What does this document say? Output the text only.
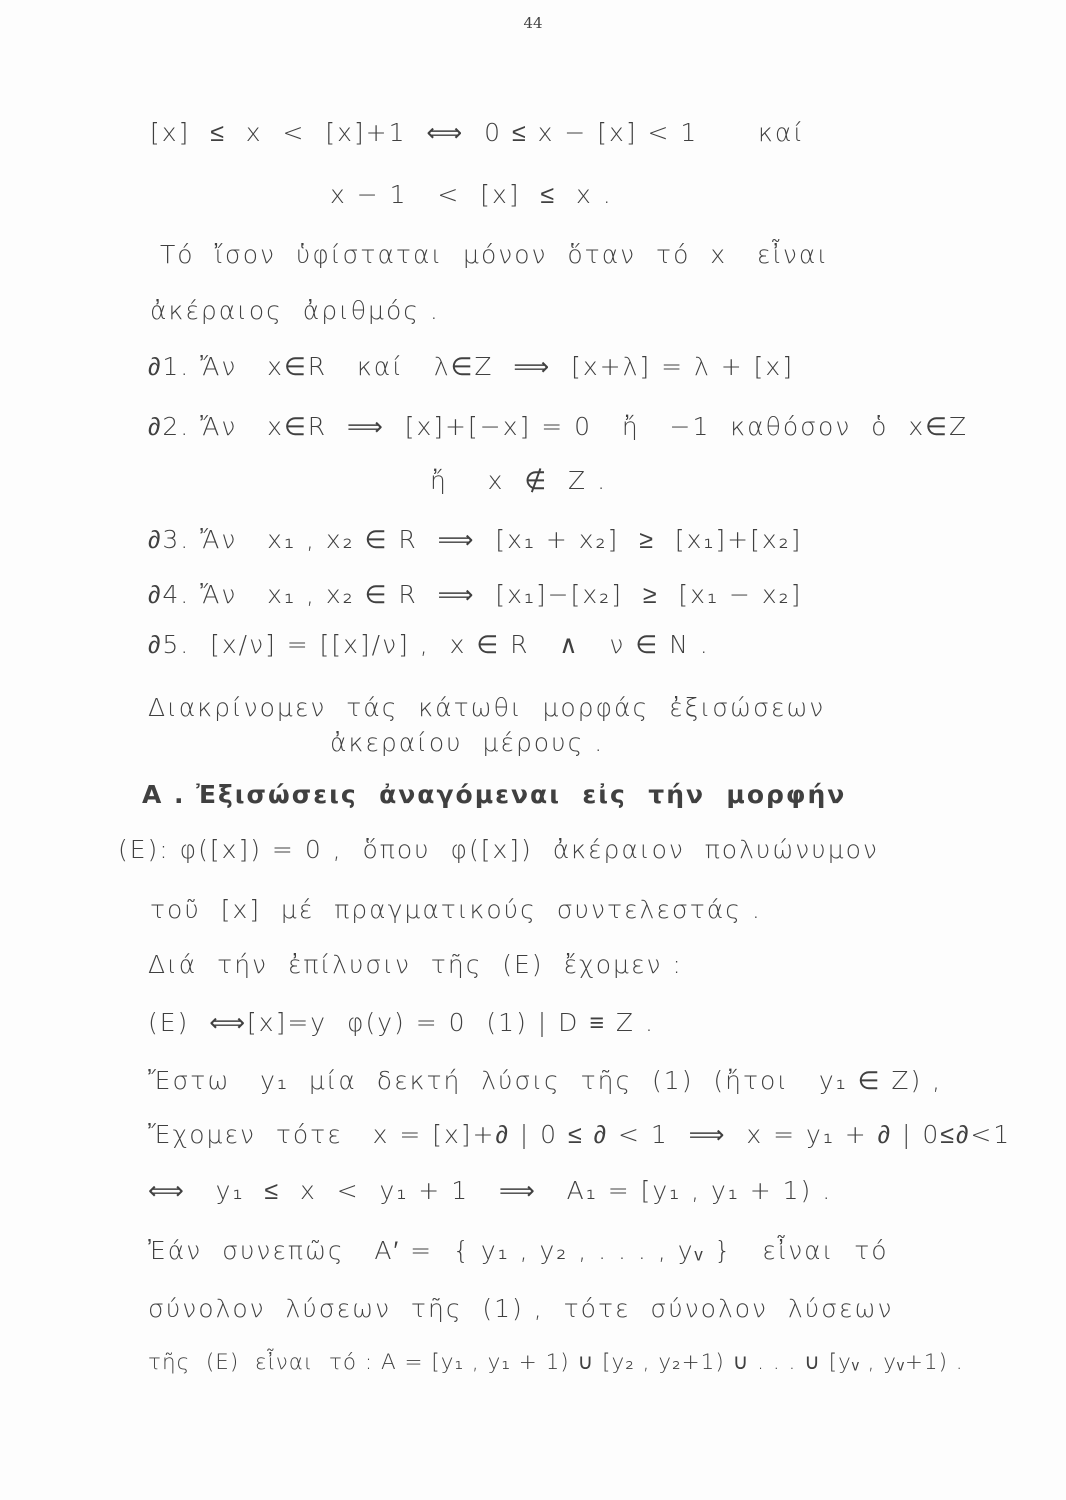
44
[x]  ≤  x  <  [x]+1  ⟺  0 ≤ x − [x] < 1      καί
x − 1   <  [x]  ≤  x .
Τό  ἴσον  ὑφίσταται  μόνον  ὅταν  τό  x   εἶναι
ἀκέραιος  ἀριθμός .
∂1. Ἄν   x∈R   καί   λ∈Z  ⟹  [x+λ] = λ + [x]
∂2. Ἄν   x∈R  ⟹  [x]+[−x] = 0   ἤ   −1  καθόσον  ὁ  x∈Z
ἤ    x  ∉  Z .
∂3. Ἄν   x₁ , x₂ ∈ R  ⟹  [x₁ + x₂]  ≥  [x₁]+[x₂]
∂4. Ἄν   x₁ , x₂ ∈ R  ⟹  [x₁]−[x₂]  ≥  [x₁ − x₂]
∂5.  [x/ν] = [[x]/ν] ,  x ∈ R   ∧   ν ∈ N .
Διακρίνομεν  τάς  κάτωθι  μορφάς  ἐξισώσεων
ἀκεραίου  μέρους .
A . Ἐξισώσεις  ἀναγόμεναι  εἰς  τήν  μορφήν
(E): φ([x]) = 0 ,  ὅπου  φ([x])  ἀκέραιον  πολυώνυμον
τοῦ  [x]  μέ  πραγματικούς  συντελεστάς .
Διά  τήν  ἐπίλυσιν  τῆς  (E)  ἔχομεν :
(E)  ⟺[x]=y  φ(y) = 0  (1) | D ≡ Z .
Ἔστω   y₁  μία  δεκτή  λύσις  τῆς  (1)  (ἤτοι   y₁ ∈ Z) ,
Ἔχομεν  τότε   x = [x]+∂ | 0 ≤ ∂ < 1  ⟹  x = y₁ + ∂ | 0≤∂<1
⟺   y₁  ≤  x  <  y₁ + 1   ⟹   A₁ = [y₁ , y₁ + 1) .
Ἐάν  συνεπῶς   A′ =  { y₁ , y₂ , . . . , yᵥ }   εἶναι  τό
σύνολον  λύσεων  τῆς  (1) ,  τότε  σύνολον  λύσεων
τῆς  (E)  εἶναι  τό : A = [y₁ , y₁ + 1) ∪ [y₂ , y₂+1) ∪ . . . ∪ [yᵥ , yᵥ+1) .
